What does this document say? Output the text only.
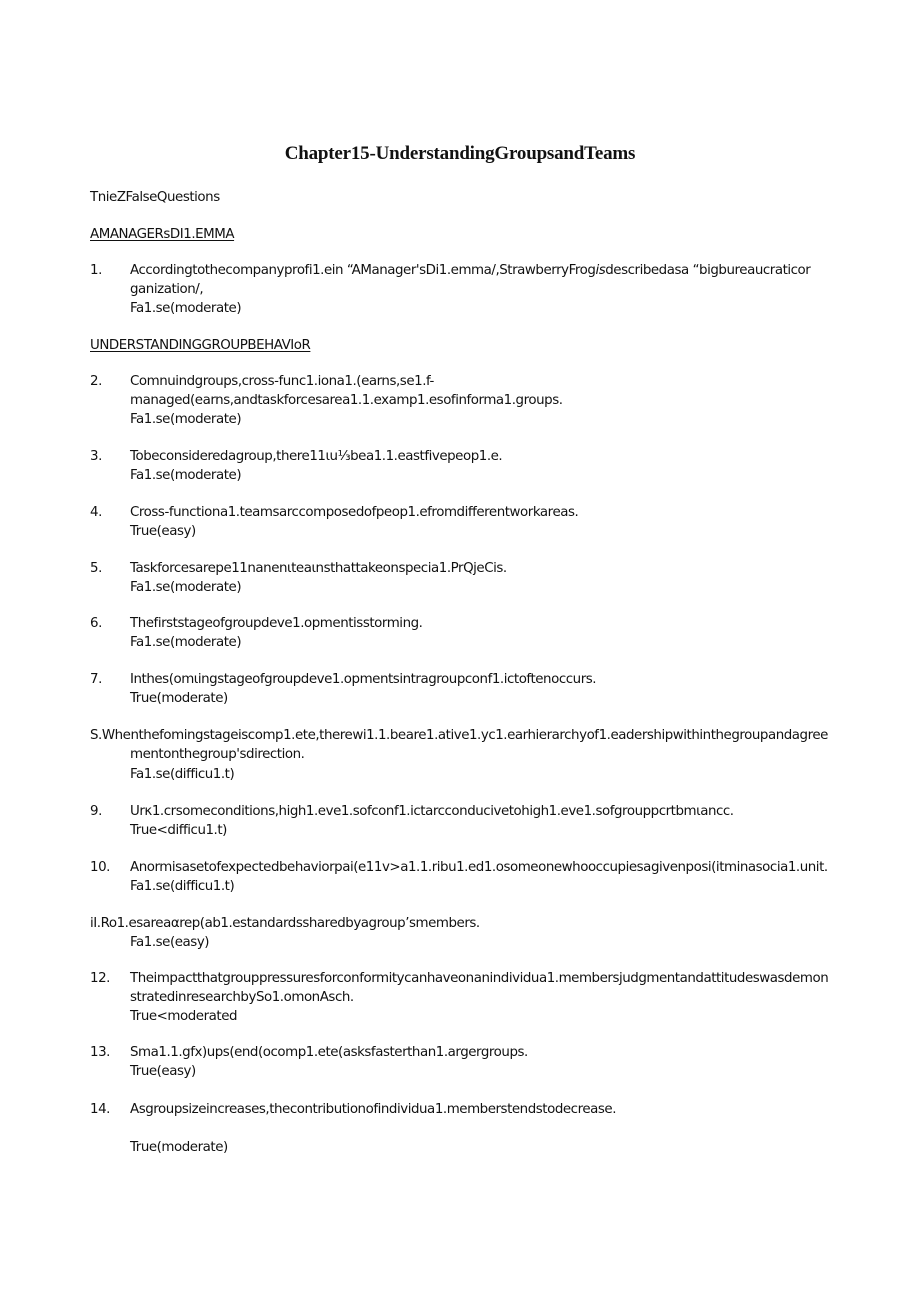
Chapter15-UnderstandingGroupsandTeams
TnieZFalseQuestions
AMANAGERsDI1.EMMA
1. Accordingtothecompanyprofi1.ein “AManager'sDi1.emma/,StrawberryFrogisdescribedasa “bigbureaucraticor
ganization/,
Fa1.se(moderate)
UNDERSTANDINGGROUPBEHAVIoR
2. Comnuindgroups,cross-func1.iona1.(earns,se1.f-
managed(earns,andtaskforcesarea1.1.examp1.esofinforma1.groups.
Fa1.se(moderate)
3. Tobeconsideredagroup,there11ιu⅓bea1.1.eastfivepeop1.e.
Fa1.se(moderate)
4. Cross-functiona1.teamsarccomposedofpeop1.efromdifferentworkareas.
True(easy)
5. Taskforcesarepe11nanenιteaιnsthattakeonspecia1.PrQjeCis.
Fa1.se(moderate)
6. Thefirststageofgroupdeve1.opmentisstorming.
Fa1.se(moderate)
7. Inthes(omιingstageofgroupdeve1.opmentsintragroupconf1.ictoftenoccurs.
True(moderate)
S.Whenthefomingstageiscomp1.ete,therewi1.1.beare1.ative1.yc1.earhierarchyof1.eadershipwithinthegroupandagree
mentonthegroup'sdirection.
Fa1.se(difficu1.t)
9. Urκ1.crsomeconditions,high1.eve1.sofconf1.ictarcconducivetohigh1.eve1.sofgrouppcrtbmιancc.
True<difficu1.t)
10. Anormisasetofexpectedbehaviorpai(e11v>a1.1.ribu1.ed1.osomeonewhooccupiesagivenposi(itminasocia1.unit.
Fa1.se(difficu1.t)
iI.Ro1.esareaαrep(ab1.estandardssharedbyagroup’smembers.
Fa1.se(easy)
12. Theimpactthatgrouppressuresforconformitycanhaveonanindividua1.membersjudgmentandattitudeswasdemon
stratedinresearchbySo1.omonAsch.
True<moderated
13. Sma1.1.gfx)ups(end(ocomp1.ete(asksfasterthan1.argergroups.
True(easy)
14. Asgroupsizeincreases,thecontributionofindividua1.memberstendstodecrease.
True(moderate)
